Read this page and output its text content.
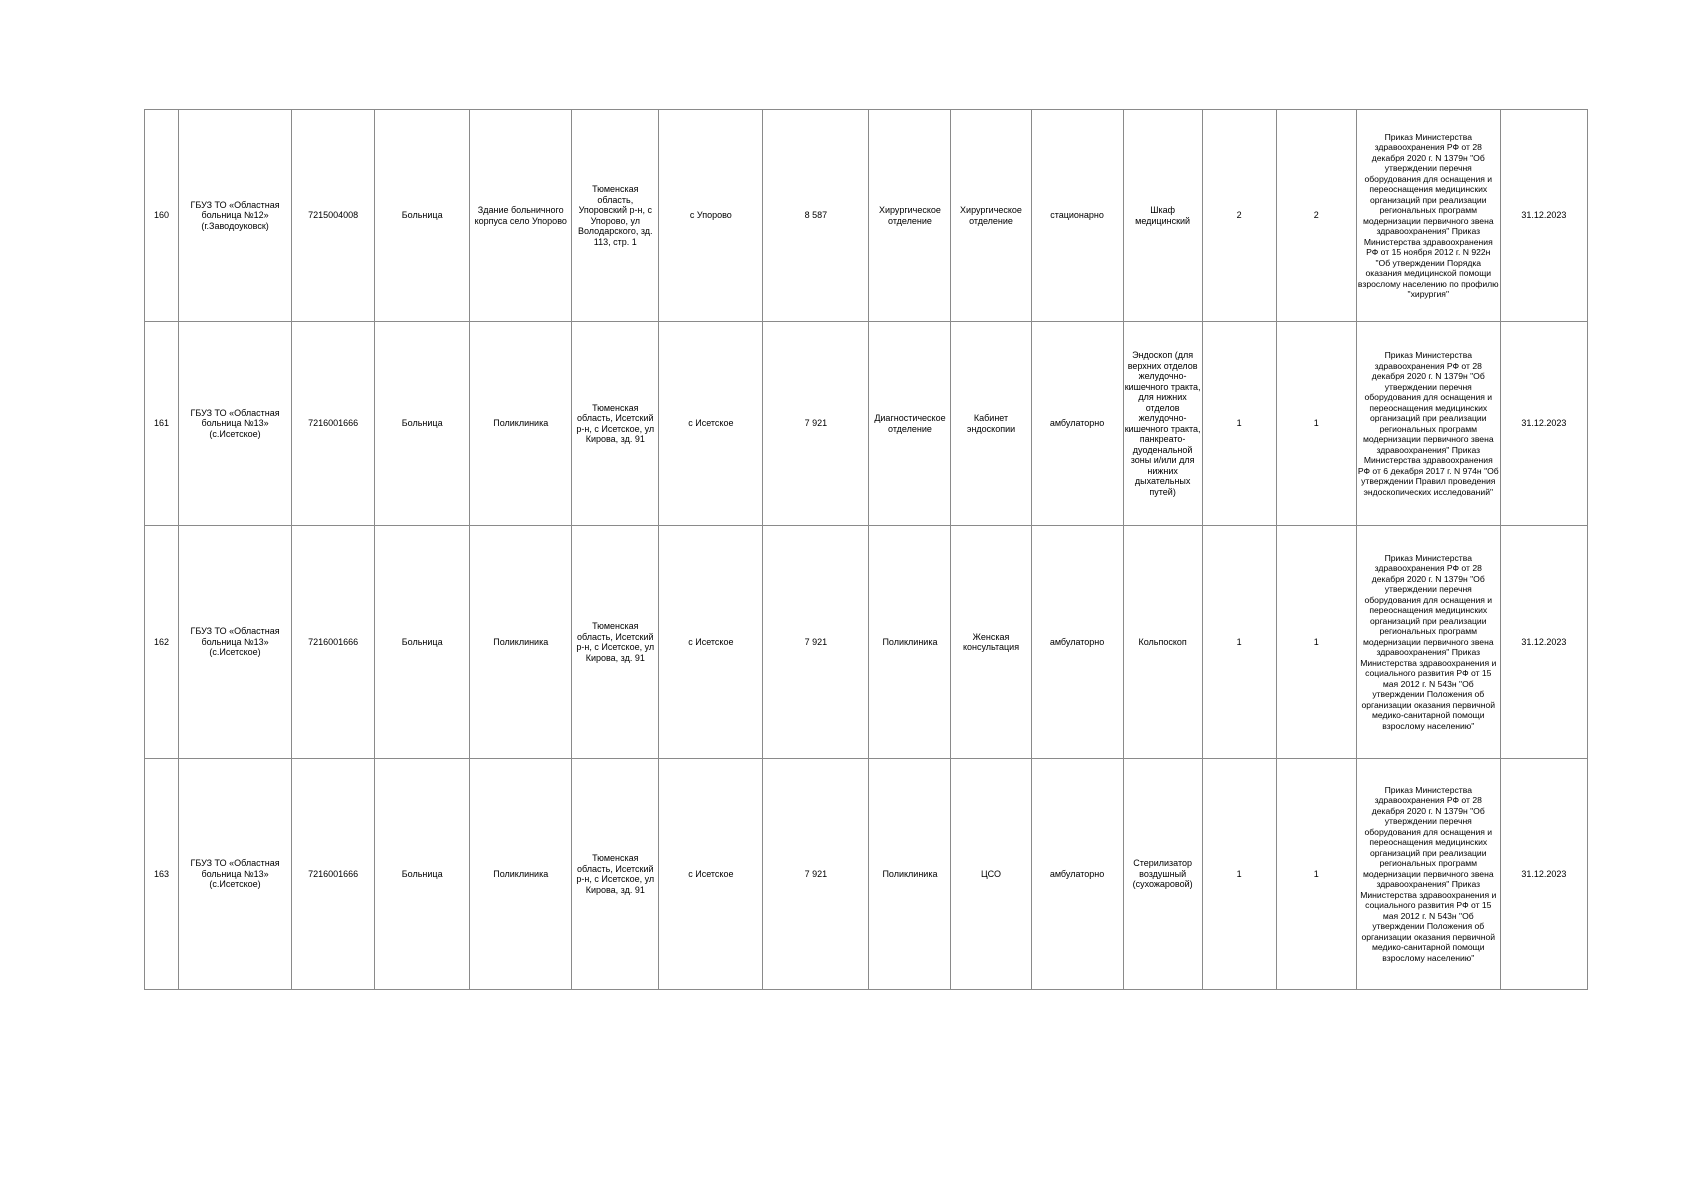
160	ГБУЗ ТО «Областная больница №12» (г.Заводоуковск)	7215004008	Больница	Здание больничного корпуса село Упорово	Тюменская область, Упоровский р-н, с Упорово, ул Володарского, зд. 113, стр. 1	с Упорово	8 587	Хирургическое отделение	Хирургическое отделение	стационарно	Шкаф медицинский	2	2	Приказ Министерства здравоохранения РФ от 28 декабря 2020 г. N 1379н "Об утверждении перечня оборудования для оснащения и переоснащения медицинских организаций при реализации региональных программ модернизации первичного звена здравоохранения" Приказ Министерства здравоохранения РФ от 15 ноября 2012 г. N 922н "Об утверждении Порядка оказания медицинской помощи взрослому населению по профилю "хирургия"	31.12.2023
161	ГБУЗ ТО «Областная больница №13» (с.Исетское)	7216001666	Больница	Поликлиника	Тюменская область, Исетский р-н, с Исетское, ул Кирова, зд. 91	с Исетское	7 921	Диагностическое отделение	Кабинет эндоскопии	амбулаторно	Эндоскоп (для верхних отделов желудочно-кишечного тракта, для нижних отделов желудочно-кишечного тракта, панкреато-дуоденальной зоны и/или для нижних дыхательных путей)	1	1	Приказ Министерства здравоохранения РФ от 28 декабря 2020 г. N 1379н "Об утверждении перечня оборудования для оснащения и переоснащения медицинских организаций при реализации региональных программ модернизации первичного звена здравоохранения" Приказ Министерства здравоохранения РФ от 6 декабря 2017 г. N 974н "Об утверждении Правил проведения эндоскопических исследований"	31.12.2023
162	ГБУЗ ТО «Областная больница №13» (с.Исетское)	7216001666	Больница	Поликлиника	Тюменская область, Исетский р-н, с Исетское, ул Кирова, зд. 91	с Исетское	7 921	Поликлиника	Женская консультация	амбулаторно	Кольпоскоп	1	1	Приказ Министерства здравоохранения РФ от 28 декабря 2020 г. N 1379н "Об утверждении перечня оборудования для оснащения и переоснащения медицинских организаций при реализации региональных программ модернизации первичного звена здравоохранения" Приказ Министерства здравоохранения и социального развития РФ от 15 мая 2012 г. N 543н "Об утверждении Положения об организации оказания первичной медико-санитарной помощи взрослому населению"	31.12.2023
163	ГБУЗ ТО «Областная больница №13» (с.Исетское)	7216001666	Больница	Поликлиника	Тюменская область, Исетский р-н, с Исетское, ул Кирова, зд. 91	с Исетское	7 921	Поликлиника	ЦСО	амбулаторно	Стерилизатор воздушный (сухожаровой)	1	1	Приказ Министерства здравоохранения РФ от 28 декабря 2020 г. N 1379н "Об утверждении перечня оборудования для оснащения и переоснащения медицинских организаций при реализации региональных программ модернизации первичного звена здравоохранения" Приказ Министерства здравоохранения и социального развития РФ от 15 мая 2012 г. N 543н "Об утверждении Положения об организации оказания первичной медико-санитарной помощи взрослому населению"	31.12.2023
